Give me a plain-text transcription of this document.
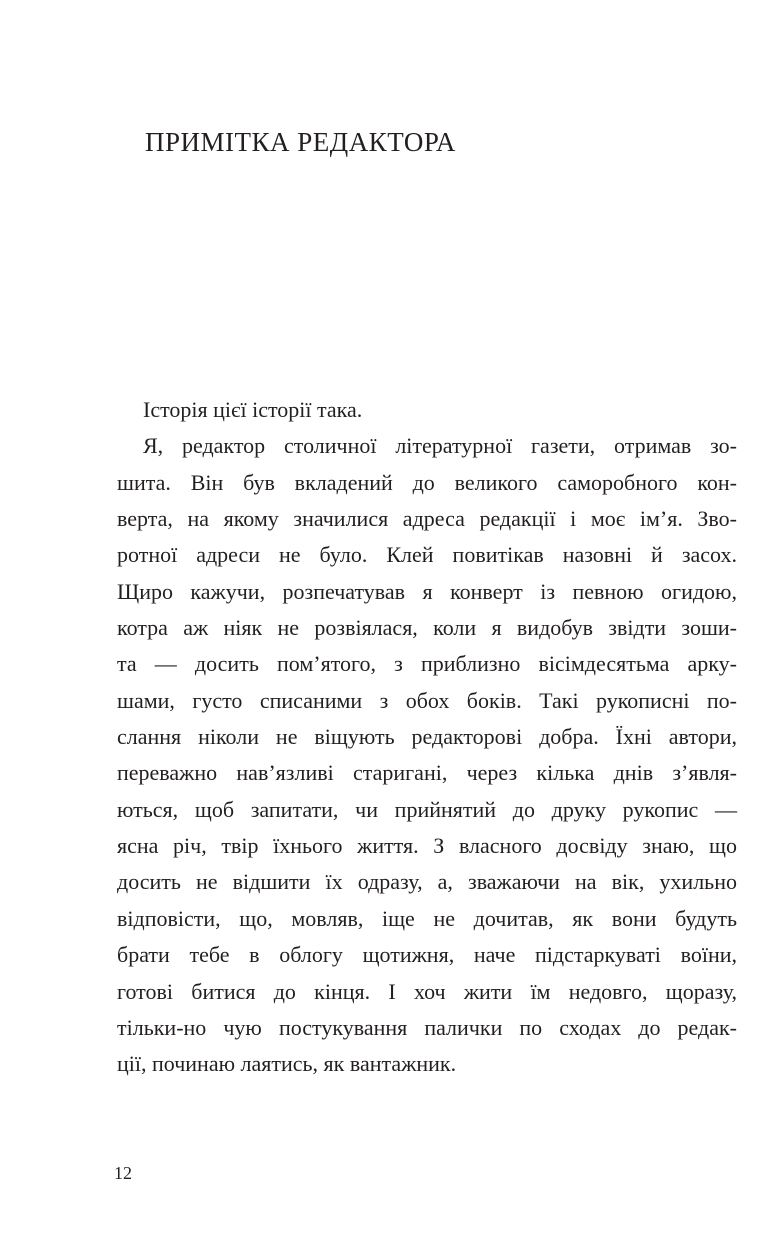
ПРИМІТКА РЕДАКТОРА
Історія цієї історії така.
Я, редактор столичної літературної газети, отримав зо-
шита. Він був вкладений до великого саморобного кон-
верта, на якому значилися адреса редакції і моє ім’я. Зво-
ротної адреси не було. Клей повитікав назовні й засох.
Щиро кажучи, розпечатував я конверт із певною огидою,
котра аж ніяк не розвіялася, коли я видобув звідти зоши-
та — досить пом’ятого, з приблизно вісімдесятьма арку-
шами, густо списаними з обох боків. Такі рукописні по-
слання ніколи не віщують редакторові добра. Їхні автори,
переважно нав’язливі старигані, через кілька днів з’явля-
ються, щоб запитати, чи прийнятий до друку рукопис —
ясна річ, твір їхнього життя. З власного досвіду знаю, що
досить не відшити їх одразу, а, зважаючи на вік, ухильно
відповісти, що, мовляв, іще не дочитав, як вони будуть
брати тебе в облогу щотижня, наче підстаркуваті воїни,
готові битися до кінця. І хоч жити їм недовго, щоразу,
тільки-но чую постукування палички по сходах до редак-
ції, починаю лаятись, як вантажник.
12
